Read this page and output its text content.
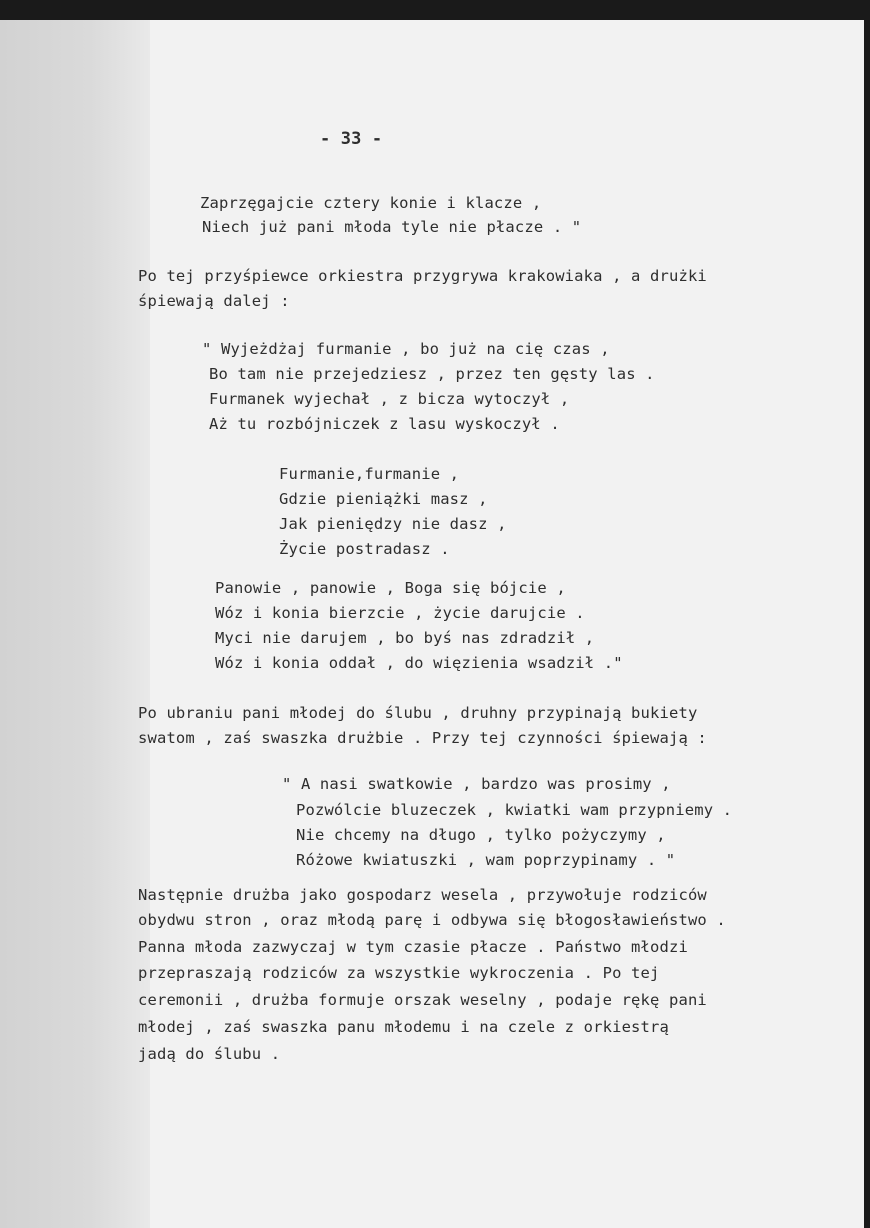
- 33 -
Zaprzęgajcie cztery konie i klacze ,
Niech już pani młoda tyle nie płacze . "
Po tej przyśpiewce orkiestra przygrywa krakowiaka , a drużki
śpiewają dalej :
" Wyjeżdżaj furmanie , bo już na cię czas ,
Bo tam nie przejedziesz , przez ten gęsty las .
Furmanek wyjechał , z bicza wytoczył ,
Aż tu rozbójniczek z lasu wyskoczył .
Furmanie,furmanie ,
Gdzie pieniążki masz ,
Jak pieniędzy nie dasz ,
Życie postradasz .
Panowie , panowie , Boga się bójcie ,
Wóz i konia bierzcie , życie darujcie .
Myci nie darujem , bo byś nas zdradził ,
Wóz i konia oddał , do więzienia wsadził ."
Po ubraniu pani młodej do ślubu , druhny przypinają bukiety
swatom , zaś swaszka drużbie . Przy tej czynności śpiewają :
" A nasi swatkowie , bardzo was prosimy ,
Pozwólcie bluzeczek , kwiatki wam przypniemy .
Nie chcemy na długo , tylko pożyczymy ,
Różowe kwiatuszki , wam poprzypinamy . "
Następnie drużba jako gospodarz wesela , przywołuje rodziców
obydwu stron , oraz młodą parę i odbywa się błogosławieństwo .
Panna młoda zazwyczaj w tym czasie płacze . Państwo młodzi
przepraszają rodziców za wszystkie wykroczenia . Po tej
ceremonii , drużba formuje orszak weselny , podaje rękę pani
młodej , zaś swaszka panu młodemu i na czele z orkiestrą
jadą do ślubu .
